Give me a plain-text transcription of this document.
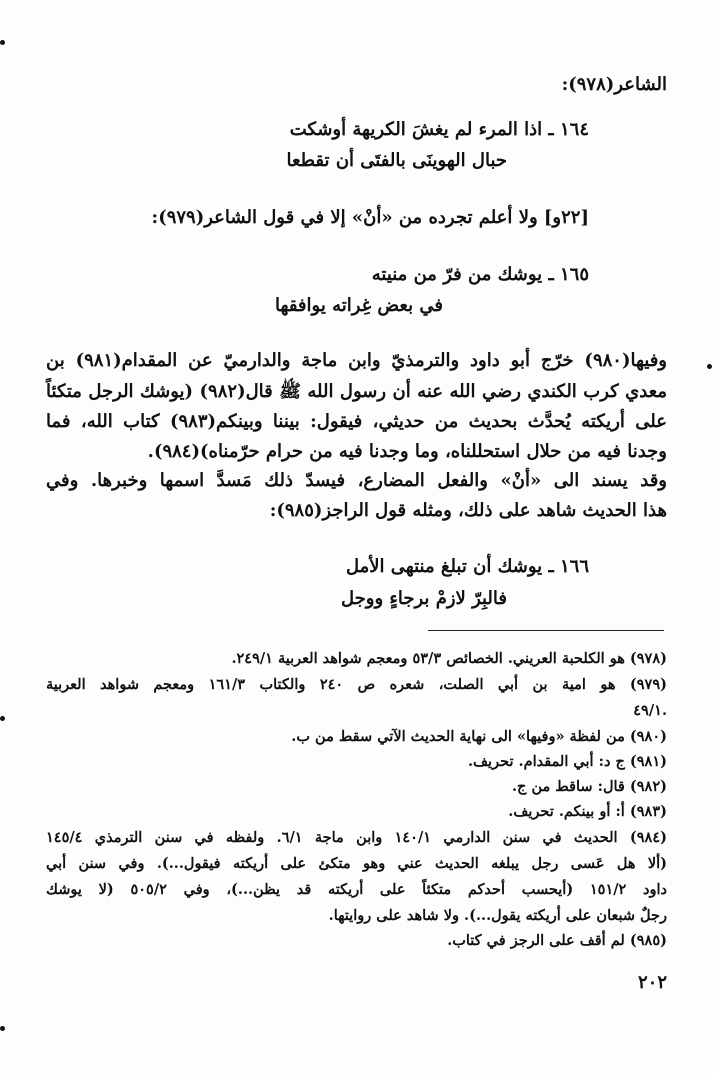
الشاعر(٩٧٨):
١٦٤ ـ اذا المرء لم يغشَ الكريهة أوشكت
حبال الهوينَى بالفتَى أن تقطعا
[٢٢و] ولا أعلم تجرده من «أنْ» إلا في قول الشاعر(٩٧٩):
١٦٥ ـ يوشك من فرّ من منيته
في بعض غِراته يوافقها
وفيها(٩٨٠) خرّج أبو داود والترمذيّ وابن ماجة والدارميّ عن المقدام(٩٨١) بن
معدي كرب الكندي رضي الله عنه أن رسول الله ﷺ قال(٩٨٢) (يوشك الرجل متكئاً
على أريكته يُحدَّث بحديث من حديثي، فيقول: بيننا وبينكم(٩٨٣) كتاب الله، فما
وجدنا فيه من حلال استحللناه، وما وجدنا فيه من حرام حرّمناه)(٩٨٤).
وقد يسند الى «أنْ» والفعل المضارع، فيسدّ ذلك مَسدَّ اسمها وخبرها. وفي
هذا الحديث شاهد على ذلك، ومثله قول الراجز(٩٨٥):
١٦٦ ـ يوشك أن تبلغ منتهى الأمل
فالبِرّ لازمْ برجاءٍ ووجل
(٩٧٨) هو الكلحبة العريني. الخصائص ٥٣/٣ ومعجم شواهد العربية ٢٤٩/١.
(٩٧٩) هو امية بن أبي الصلت، شعره ص ٢٤٠ والكتاب ١٦١/٣ ومعجم شواهد العربية
٤٩/١.
(٩٨٠) من لفظة «وفيها» الى نهاية الحديث الآتي سقط من ب.
(٩٨١) ج د: أبي المقدام. تحريف.
(٩٨٢) قال: ساقط من ج.
(٩٨٣) أ: أو بينكم. تحريف.
(٩٨٤) الحديث في سنن الدارمي ١٤٠/١ وابن ماجة ٦/١. ولفظه في سنن الترمذي ١٤٥/٤
(ألا هل عَسى رجل يبلغه الحديث عني وهو متكئ على أريكته فيقول...). وفي سنن أبي
داود ١٥١/٢ (أيحسب أحدكم متكئاً على أريكته قد يظن...)، وفي ٥٠٥/٢ (لا يوشك
رجلٌ شبعان على أريكته يقول...). ولا شاهد على روايتها.
(٩٨٥) لم أقف على الرجز في كتاب.
٢٠٢
